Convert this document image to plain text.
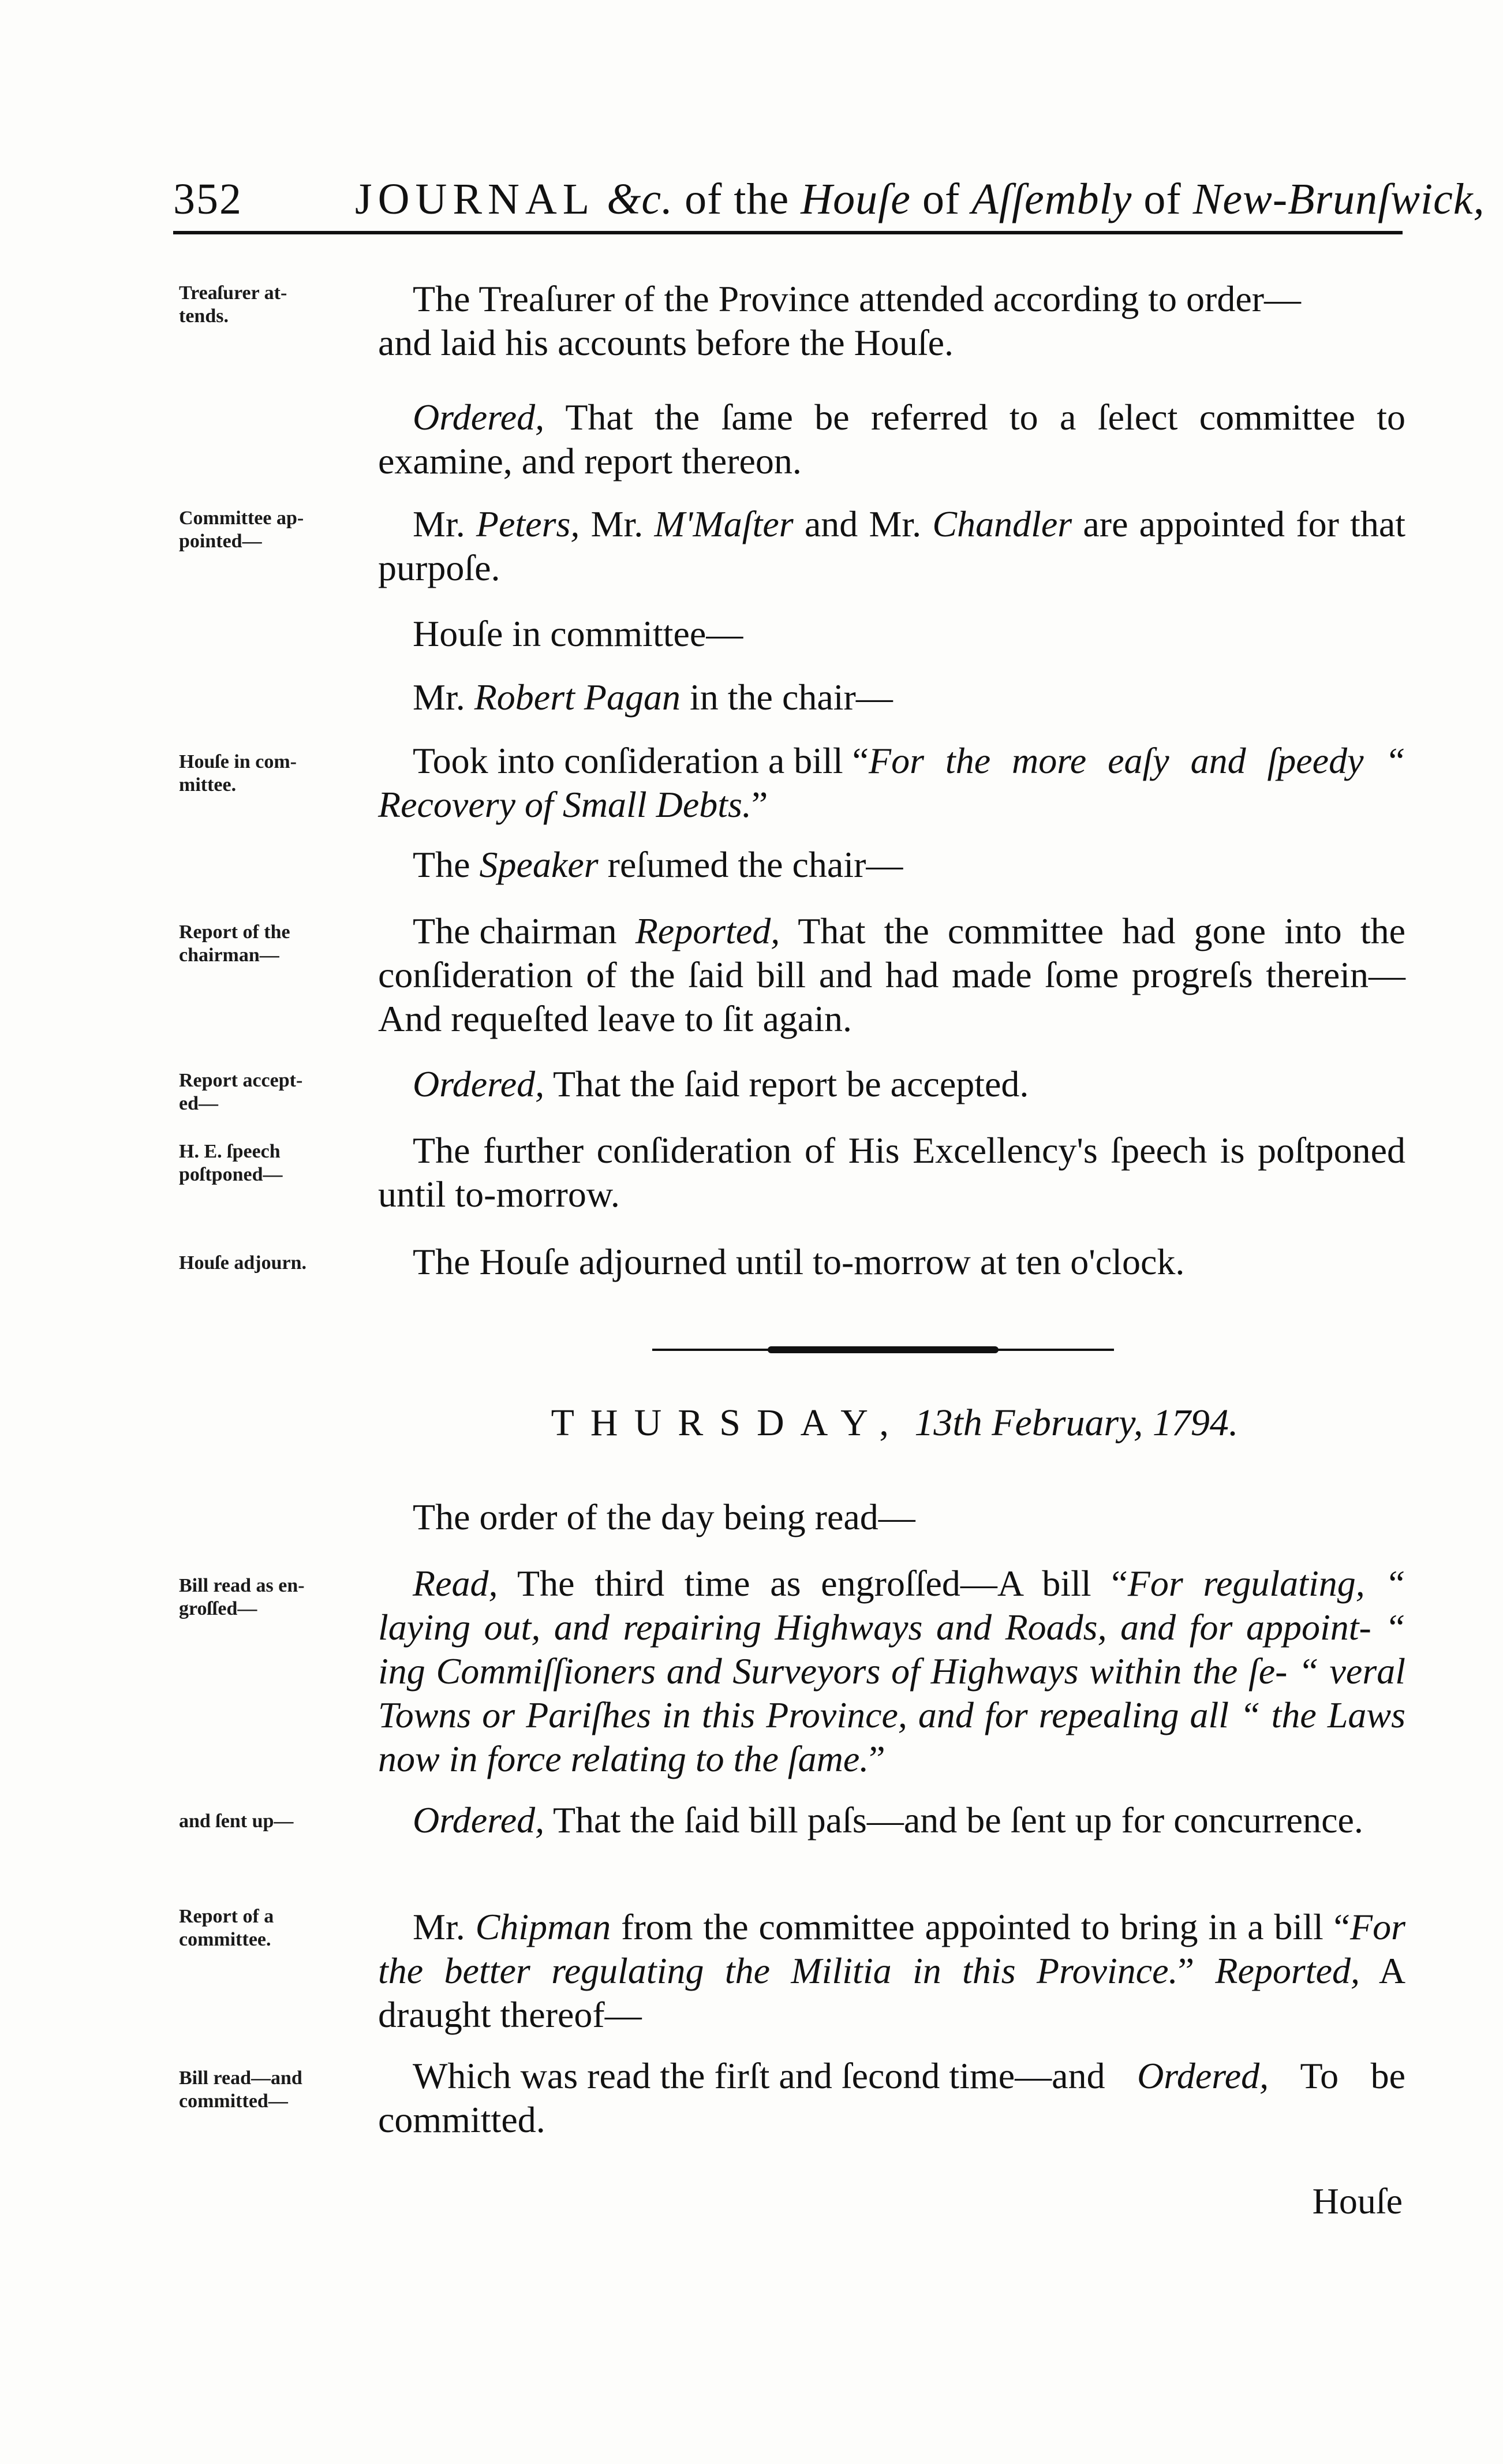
352	JOURNAL &c. of the Houſe of Aſſembly of New-Brunſwick,
Treaſurer at-
tends.	The Treaſurer of the Province attended according to order—
and laid his accounts before the Houſe.

Ordered, That the ſame be referred to a ſelect committee to examine, and report thereon.

Committee ap-
pointed—	Mr. Peters, Mr. M'Maſter and Mr. Chandler are appointed for that purpoſe.

Houſe in committee—
Mr. Robert Pagan in the chair—
Houſe in com-
mittee.

Took into conſideration a bill “For the more eaſy and ſpeedy “ Recovery of Small Debts.”

The Speaker reſumed the chair—
Report of the
chairman—

The chairman Reported, That the committee had gone into the conſideration of the ſaid bill and had made ſome progreſs therein—And requeſted leave to ſit again.

Report accept-
ed—	Ordered, That the ſaid report be accepted.

H. E. ſpeech
poſtponed—

The further conſideration of His Excellency's ſpeech is poſtponed until to-morrow.

Houſe adjourn.	The Houſe adjourned until to-morrow at ten o'clock.
THURSDAY, 13th February, 1794.
The order of the day being read—
Bill read as en-
groſſed—

Read, The third time as engroſſed—A bill “For regulating, “ laying out, and repairing Highways and Roads, and for appoint- “ ing Commiſſioners and Surveyors of Highways within the ſe- “ veral Towns or Pariſhes in this Province, and for repealing all “ the Laws now in force relating to the ſame.”

and ſent up—	Ordered, That the ſaid bill paſs—and be ſent up for concurrence.

Report of a
committee.	Mr. Chipman from the committee appointed to bring in a bill “For the better regulating the Militia in this Province.” Reported, A draught thereof—

Bill read—and
committed—

Which was read the firſt and ſecond time—and Ordered, To be committed.

Houſe
